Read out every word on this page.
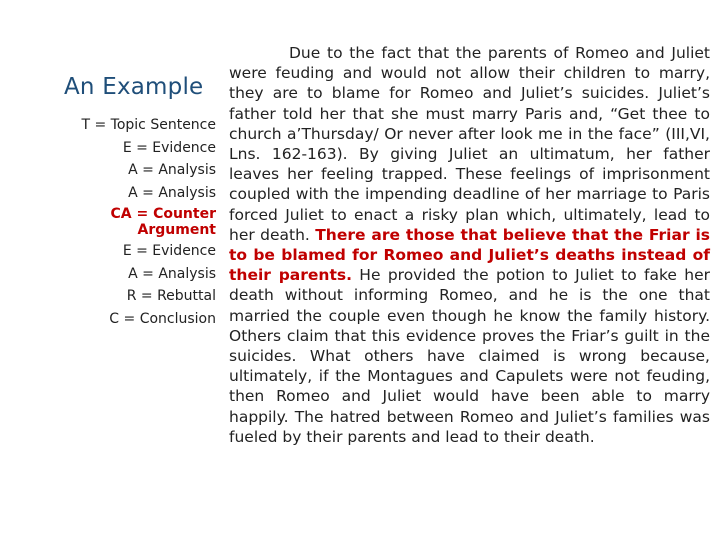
An Example
T = Topic Sentence
E = Evidence
A = Analysis
A = Analysis
CA = Counter Argument
E = Evidence
A = Analysis
R = Rebuttal
C = Conclusion

Due to the fact that the parents of Romeo and Juliet were feuding and would not allow their children to marry, they are to blame for Romeo and Juliet’s suicides. Juliet’s father told her that she must marry Paris and, “Get thee to church a’Thursday/ Or never after look me in the face” (III,VI, Lns. 162-163). By giving Juliet an ultimatum, her father leaves her feeling trapped. These feelings of imprisonment coupled with the impending deadline of her marriage to Paris forced Juliet to enact a risky plan which, ultimately, lead to her death. There are those that believe that the Friar is to be blamed for Romeo and Juliet’s deaths instead of their parents. He provided the potion to Juliet to fake her death without informing Romeo, and he is the one that married the couple even though he know the family history. Others claim that this evidence proves the Friar’s guilt in the suicides. What others have claimed is wrong because, ultimately, if the Montagues and Capulets were not feuding, then Romeo and Juliet would have been able to marry happily. The hatred between Romeo and Juliet’s families was fueled by their parents and lead to their death.
